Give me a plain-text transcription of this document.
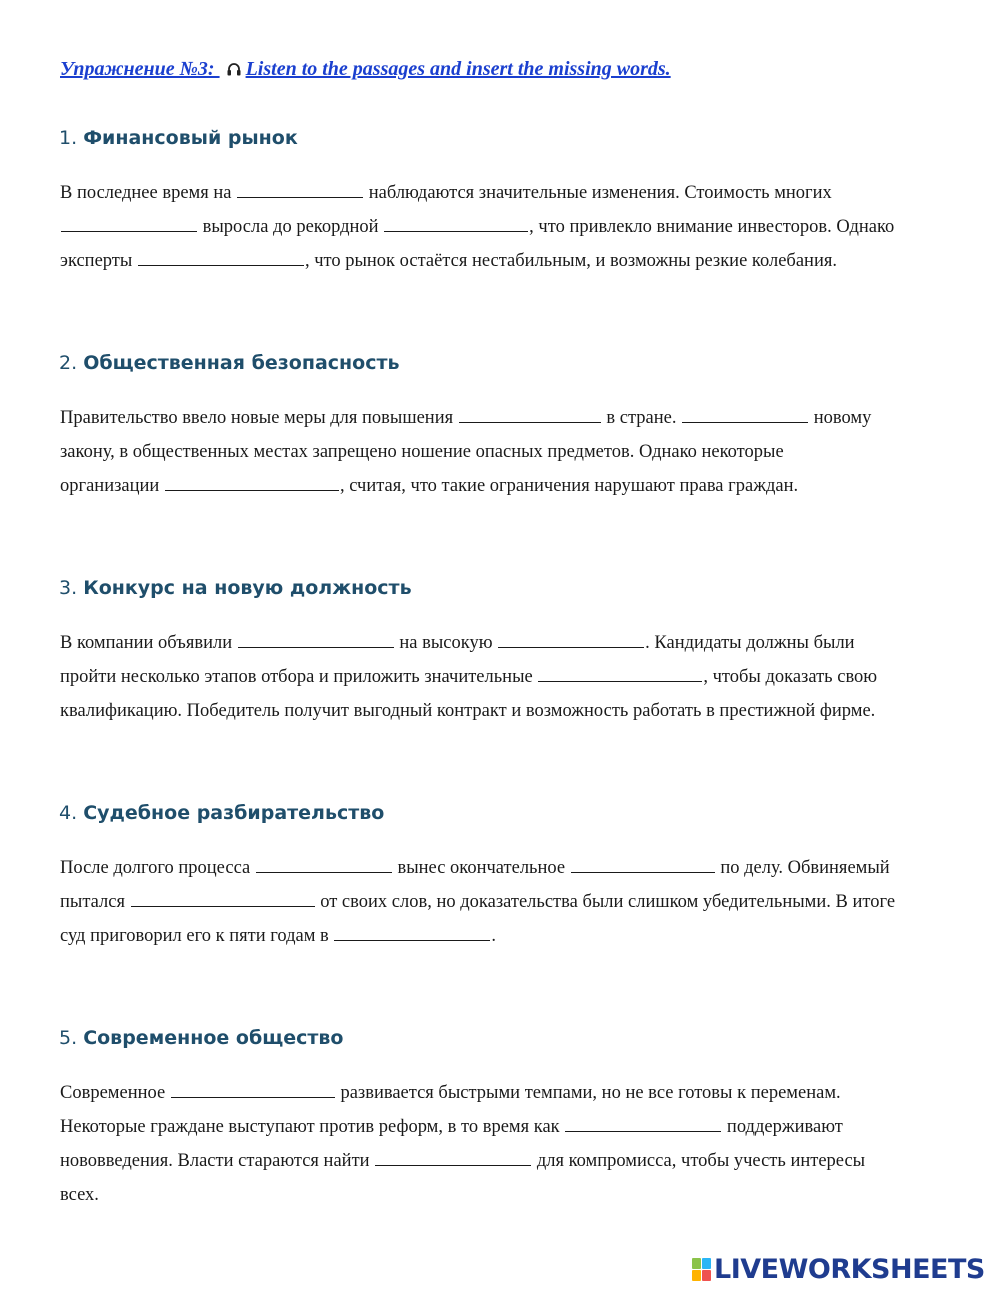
Упражнение №3: Listen to the passages and insert the missing words.
1. Финансовый рынок
В последнее время на	наблюдаются значительные изменения. Стоимость многих
выросла до рекордной	, что привлекло внимание инвесторов. Однако
эксперты	, что рынок остаётся нестабильным, и возможны резкие колебания.
2. Общественная безопасность
Правительство ввело новые меры для повышения	в стране.	новому
закону, в общественных местах запрещено ношение опасных предметов. Однако некоторые
организации	, считая, что такие ограничения нарушают права граждан.
3. Конкурс на новую должность
В компании объявили	на высокую	. Кандидаты должны были
пройти несколько этапов отбора и приложить значительные	, чтобы доказать свою
квалификацию. Победитель получит выгодный контракт и возможность работать в престижной фирме.
4. Судебное разбирательство
После долгого процесса	вынес окончательное	по делу. Обвиняемый
пытался	от своих слов, но доказательства были слишком убедительными. В итоге
суд приговорил его к пяти годам в	.
5. Современное общество
Современное	развивается быстрыми темпами, но не все готовы к переменам.
Некоторые граждане выступают против реформ, в то время как	поддерживают
нововведения. Власти стараются найти	для компромисса, чтобы учесть интересы
всех.
LIVEWORKSHEETS
